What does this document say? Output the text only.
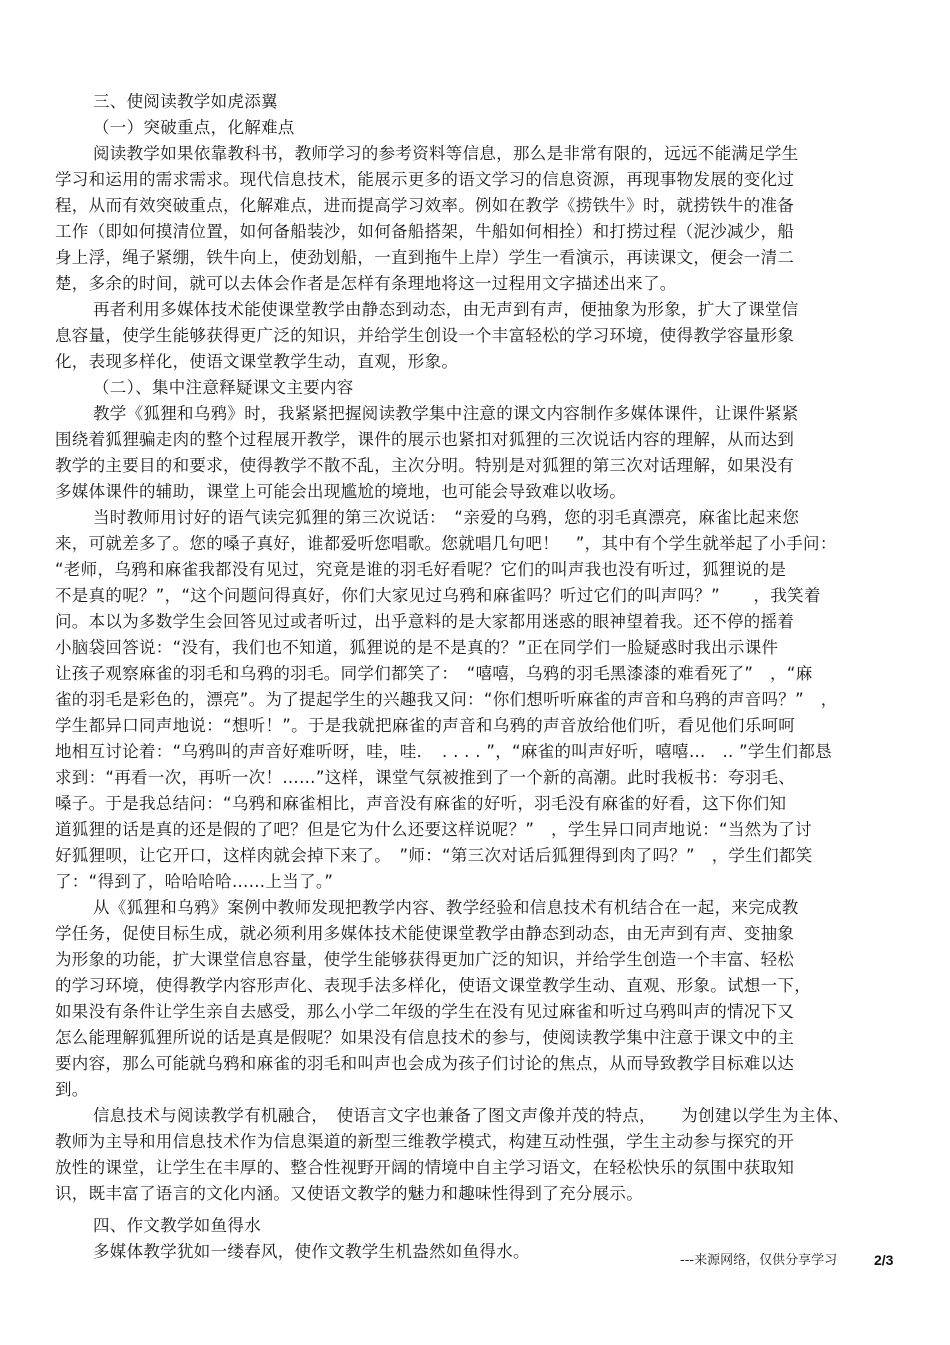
三、使阅读教学如虎添翼
（一）突破重点，化解难点
阅读教学如果依靠教科书，教师学习的参考资料等信息，那么是非常有限的，远远不能满足学生
学习和运用的需求需求。现代信息技术，能展示更多的语文学习的信息资源，再现事物发展的变化过
程，从而有效突破重点，化解难点，进而提高学习效率。例如在教学《捞铁牛》时，就捞铁牛的准备
工作（即如何摸清位置，如何备船装沙，如何备船搭架，牛船如何相拴）和打捞过程（泥沙减少，船
身上浮，绳子紧绷，铁牛向上，使劲划船，一直到拖牛上岸）学生一看演示，再读课文，便会一清二
楚，多余的时间，就可以去体会作者是怎样有条理地将这一过程用文字描述出来了。
再者利用多媒体技术能使课堂教学由静态到动态，由无声到有声，便抽象为形象，扩大了课堂信
息容量，使学生能够获得更广泛的知识，并给学生创设一个丰富轻松的学习环境，使得教学容量形象
化，表现多样化，使语文课堂教学生动，直观，形象。
（二）、集中注意释疑课文主要内容
教学《狐狸和乌鸦》时，我紧紧把握阅读教学集中注意的课文内容制作多媒体课件，让课件紧紧
围绕着狐狸骗走肉的整个过程展开教学，课件的展示也紧扣对狐狸的三次说话内容的理解，从而达到
教学的主要目的和要求，使得教学不散不乱，主次分明。特别是对狐狸的第三次对话理解，如果没有
多媒体课件的辅助，课堂上可能会出现尴尬的境地，也可能会导致难以收场。
当时教师用讨好的语气读完狐狸的第三次说话：　“亲爱的乌鸦，您的羽毛真漂亮，麻雀比起来您
来，可就差多了。您的嗓子真好，谁都爱听您唱歌。您就唱几句吧！　”，其中有个学生就举起了小手问：
“老师，乌鸦和麻雀我都没有见过，究竟是谁的羽毛好看呢？它们的叫声我也没有听过，狐狸说的是
不是真的呢？”，“这个问题问得真好，你们大家见过乌鸦和麻雀吗？听过它们的叫声吗？”　　，我笑着
问。本以为多数学生会回答见过或者听过，出乎意料的是大家都用迷惑的眼神望着我。还不停的摇着
小脑袋回答说：“没有，我们也不知道，狐狸说的是不是真的？”正在同学们一脸疑惑时我出示课件
让孩子观察麻雀的羽毛和乌鸦的羽毛。同学们都笑了：　“嘻嘻，乌鸦的羽毛黑漆漆的难看死了”　，“麻
雀的羽毛是彩色的，漂亮”。为了提起学生的兴趣我又问：“你们想听听麻雀的声音和乌鸦的声音吗？”　，
学生都异口同声地说：“想听！”。于是我就把麻雀的声音和乌鸦的声音放给他们听，看见他们乐呵呵
地相互讨论着：“乌鸦叫的声音好难听呀，哇，哇．　. . . . ”，“麻雀的叫声好听，嘻嘻…　.. ”学生们都恳
求到：“再看一次，再听一次！……”这样，课堂气氛被推到了一个新的高潮。此时我板书：夸羽毛、
嗓子。于是我总结问：“乌鸦和麻雀相比，声音没有麻雀的好听，羽毛没有麻雀的好看，这下你们知
道狐狸的话是真的还是假的了吧？但是它为什么还要这样说呢？”　，学生异口同声地说：“当然为了讨
好狐狸呗，让它开口，这样肉就会掉下来了。　”师：“第三次对话后狐狸得到肉了吗？”　，学生们都笑
了：“得到了，哈哈哈哈……上当了。”
从《狐狸和乌鸦》案例中教师发现把教学内容、教学经验和信息技术有机结合在一起，来完成教
学任务，促使目标生成，就必须利用多媒体技术能使课堂教学由静态到动态，由无声到有声、变抽象
为形象的功能，扩大课堂信息容量，使学生能够获得更加广泛的知识，并给学生创造一个丰富、轻松
的学习环境，使得教学内容形声化、表现手法多样化，使语文课堂教学生动、直观、形象。试想一下，
如果没有条件让学生亲自去感受，那么小学二年级的学生在没有见过麻雀和听过乌鸦叫声的情况下又
怎么能理解狐狸所说的话是真是假呢？如果没有信息技术的参与，使阅读教学集中注意于课文中的主
要内容，那么可能就乌鸦和麻雀的羽毛和叫声也会成为孩子们讨论的焦点，从而导致教学目标难以达
到。
信息技术与阅读教学有机融合，　使语言文字也兼备了图文声像并茂的特点，　　为创建以学生为主体、
教师为主导和用信息技术作为信息渠道的新型三维教学模式，构建互动性强，学生主动参与探究的开
放性的课堂，让学生在丰厚的、整合性视野开阔的情境中自主学习语文，在轻松快乐的氛围中获取知
识，既丰富了语言的文化内涵。又使语文教学的魅力和趣味性得到了充分展示。
四、作文教学如鱼得水
多媒体教学犹如一缕春风，使作文教学生机盎然如鱼得水。	---来源网络，仅供分享学习	2/3
